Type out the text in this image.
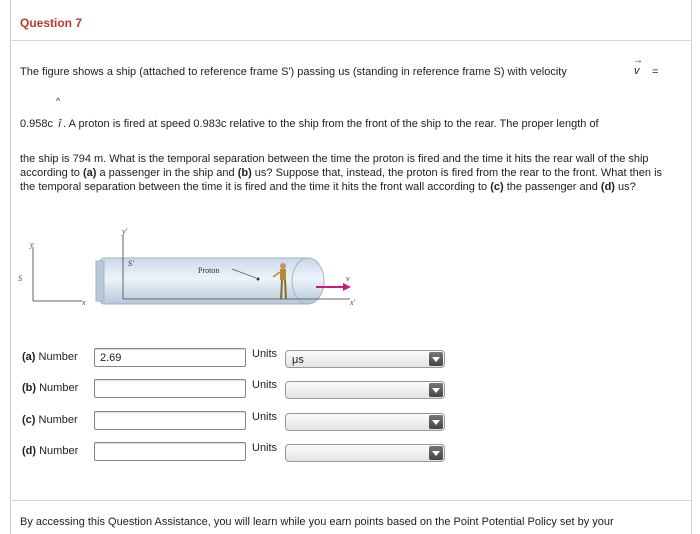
Question 7
The figure shows a ship (attached to reference frame S') passing us (standing in reference frame S) with velocity
→
v =
^
0.958c î . A proton is fired at speed 0.983c relative to the ship from the front of the ship to the rear. The proper length of
the ship is 794 m. What is the temporal separation between the time the proton is fired and the time it hits the rear wall of the ship according to (a) a passenger in the ship and (b) us? Suppose that, instead, the proton is fired from the rear to the front. What then is the temporal separation between the time it is fired and the time it hits the front wall according to (c) the passenger and (d) us?
y
S
x
y'
S'
x'
Proton
v
(a) Number	2.69	Units	μs
(b) Number	Units
(c) Number	Units
(d) Number	Units
By accessing this Question Assistance, you will learn while you earn points based on the Point Potential Policy set by your
